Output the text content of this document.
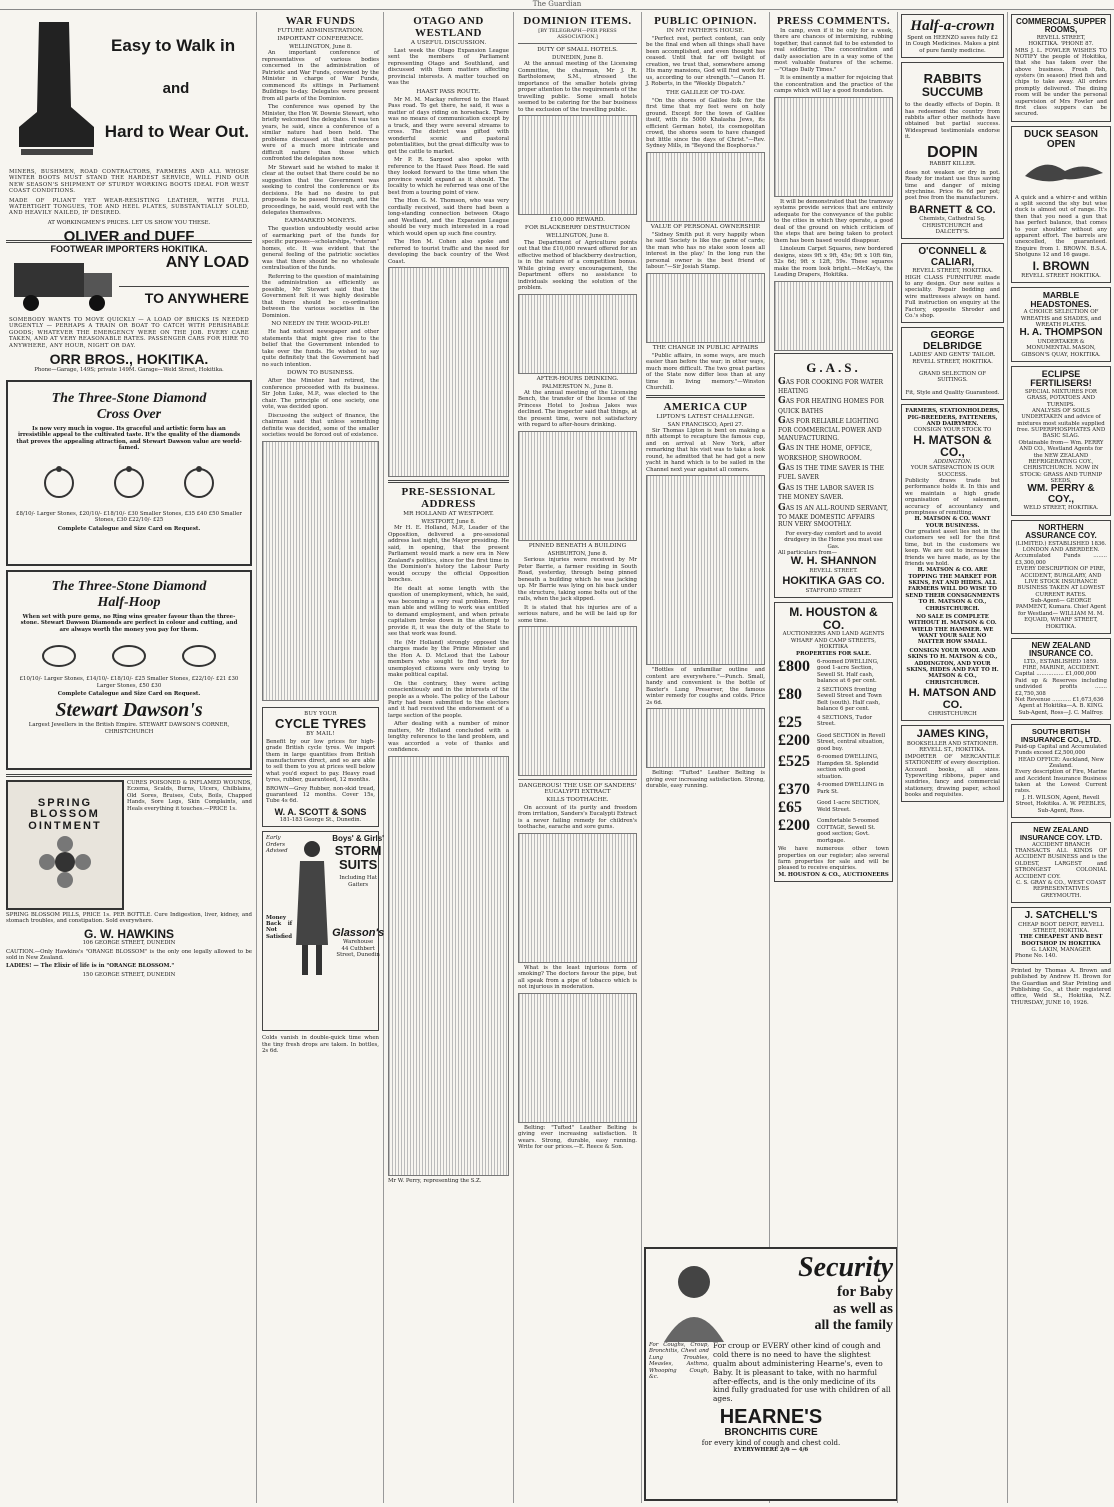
The Guardian
Easy to Walk in
and
Hard to Wear Out.
MINERS, BUSHMEN, ROAD CONTRACTORS, FARMERS AND ALL WHOSE WINTER BOOTS MUST STAND THE HARDEST SERVICE, WILL FIND OUR NEW SEASON'S SHIPMENT OF STURDY WORKING BOOTS IDEAL FOR WEST COAST CONDITIONS.
MADE OF PLIANT YET WEAR-RESISTING LEATHER, WITH FULL WATERTIGHT TONGUES, TOE AND HEEL PLATES, SUBSTANTIALLY SOLED, AND HEAVILY NAILED, IF DESIRED.
AT WORKINGMEN'S PRICES. LET US SHOW YOU THESE.
OLIVER and DUFF
FOOTWEAR IMPORTERS HOKITIKA.
ANY LOAD
TO ANYWHERE
SOMEBODY WANTS TO MOVE QUICKLY — A LOAD OF BRICKS IS NEEDED URGENTLY — PERHAPS A TRAIN OR BOAT TO CATCH WITH PERISHABLE GOODS; WHATEVER THE EMERGENCY WERE ON THE JOB. EVERY CARE TAKEN, AND AT VERY REASONABLE RATES. PASSENGER CARS FOR HIRE TO ANYWHERE, ANY HOUR, NIGHT OR DAY.
ORR BROS., HOKITIKA.
Phone—Garage, 149S; private 149M. Garage—Weld Street, Hokitika.
The Three-Stone Diamond
Cross Over
Is now very much in vogue. Its graceful and artistic form has an irresistible appeal to the cultivated taste. It's the quality of the diamonds that proves the appealing attraction, and Stewart Dawson value are world-famed.
£8/10/- Larger Stones, £20/10/- £18/10/- £30 Smaller Stones, £35 £40 £50 Smaller Stones, £30 £22/10/- £25
Complete Catalogue and Size Card on Request.
The Three-Stone Diamond
Half-Hoop
When set with pure gems, no Ring wins greater favour than the three-stone. Stewart Dawson Diamonds are perfect in colour and cutting, and are always worth the money you pay for them.
£10/10/- Larger Stones, £14/10/- £18/10/- £25 Smaller Stones, £22/10/- £21 £30 Larger Stones, £50 £30
Complete Catalogue and Size Card on Request.
Stewart Dawson's
Largest Jewellers in the British Empire. STEWART DAWSON'S CORNER, CHRISTCHURCH
SPRING BLOSSOM OINTMENT
CURES POISONED & INFLAMED WOUNDS, Eczema, Scalds, Burns, Ulcers, Chilblains, Old Sores, Bruises, Cuts, Boils, Chapped Hands, Sore Legs, Skin Complaints, and Heals everything it touches.—PRICE 1s.
SPRING BLOSSOM PILLS, PRICE 1s. PER BOTTLE. Cure Indigestion, liver, kidney, and stomach troubles, and constipation. Sold everywhere.
G. W. HAWKINS
106 GEORGE STREET, DUNEDIN
CAUTION.—Only Hawkins's "ORANGE BLOSSOM" is the only one legally allowed to be sold in New Zealand.
LADIES! — The Elixir of life is in "ORANGE BLOSSOM."
150 GEORGE STREET, DUNEDIN
WAR FUNDS
FUTURE ADMINISTRATION.
IMPORTANT CONFERENCE.
WELLINGTON, June 8.
An important conference of representatives of various bodies concerned in the administration of Patriotic and War Funds, convened by the Minister in charge of War Funds, commenced its sittings in Parliament Buildings to-day. Delegates were present from all parts of the Dominion.
The conference was opened by the Minister, the Hon W. Downie Stewart, who briefly welcomed the delegates. It was ten years, he said, since a conference of a similar nature had been held. The problems discussed at that conference were of a much more intricate and difficult nature than those which confronted the delegates now.
Mr Stewart said he wished to make it clear at the outset that there could be no suggestion that the Government was seeking to control the conference or its decisions. He had no desire to put proposals to be passed through, and the proceedings, he said, would rest with the delegates themselves.
EARMARKED MONEYS.
The question undoubtedly would arise of earmarking part of the funds for specific purposes—scholarships, "veteran" homes, etc. It was evident that the general feeling of the patriotic societies was that there should be no wholesale centralisation of the funds.
Referring to the question of maintaining the administration as efficiently as possible, Mr Stewart said that the Government felt it was highly desirable that there should be co-ordination between the various societies in the Dominion.
NO NEEDY IN THE WOOD-PILE!
He had noticed newspaper and other statements that might give rise to the belief that the Government intended to take over the funds. He wished to say quite definitely that the Government had no such intention.
DOWN TO BUSINESS.
After the Minister had retired, the conference proceeded with its business. Sir John Luke, M.P., was elected to the chair. The principle of one society, one vote, was decided upon.
Discussing the subject of finance, the chairman said that unless something definite was decided, some of the smaller societies would be forced out of existence.
BUY YOUR
CYCLE TYRES
BY MAIL!
Benefit by our low prices for high-grade British cycle tyres. We import them in large quantities from British manufacturers direct, and so are able to sell them to you at prices well below what you'd expect to pay. Heavy road tyres, rubber, guaranteed, 12 months.
BROWN—Grey Rubber, non-skid tread, guaranteed 12 months. Cover 15s, Tube 4s 6d.
W. A. SCOTT & SONS
181-183 George St., Dunedin.
Early Orders Advised
Money Back if Not Satisfied
Boys' & Girls'
STORM
SUITS
Including Hat Gaiters
Glasson's
Warehouse
44 Cuthbert Street, Dunedin
Colds vanish in double-quick time when the tiny fresh drops are taken. In bottles, 2s 6d.
OTAGO AND WESTLAND
A USEFUL DISCUSSION.
Last week the Otago Expansion League sent the members of Parliament representing Otago and Southland, and discussed with them matters affecting provincial interests. A matter touched on was the
HAAST PASS ROUTE.
Mr M. M. Mackay referred to the Haast Pass road. To get there, he said, it was a matter of days riding on horseback. There was no means of communication except by a track, and they were several streams to cross. The district was gifted with wonderful scenic and pastoral potentialities, but the great difficulty was to get the cattle to market.
Mr P. R. Sargood also spoke with reference to the Haast Pass Road. He said they looked forward to the time when the province would expand as it should. The locality to which he referred was one of the best from a touring point of view.
The Hon G. M. Thomson, who was very cordially received, said there had been a long-standing connection between Otago and Westland, and the Expansion League should be very much interested in a road which would open up such fine country.
The Hon M. Cohen also spoke and referred to tourist traffic and the need for developing the back country of the West Coast.
PRE-SESSIONAL ADDRESS
MR HOLLAND AT WESTPORT.
WESTPORT, June 8.
Mr H. E. Holland, M.P., Leader of the Opposition, delivered a pre-sessional address last night, the Mayor presiding. He said, in opening, that the present Parliament would mark a new era in New Zealand's politics, since for the first time in the Dominion's history the Labour Party would occupy the official Opposition benches.
He dealt at some length with the question of unemployment, which, he said, was becoming a very real problem. Every man able and willing to work was entitled to demand employment, and when private capitalism broke down in the attempt to provide it, it was the duty of the State to see that work was found.
He (Mr Holland) strongly opposed the charges made by the Prime Minister and the Hon A. D. McLeod that the Labour members who sought to find work for unemployed citizens were only trying to make political capital.
On the contrary, they were acting conscientiously and in the interests of the people as a whole. The policy of the Labour Party had been submitted to the electors and it had received the endorsement of a large section of the people.
After dealing with a number of minor matters, Mr Holland concluded with a lengthy reference to the land problem, and was accorded a vote of thanks and confidence.
Mr W. Perry, representing the S.Z.
DOMINION ITEMS.
[BY TELEGRAPH—PER PRESS ASSOCIATION.]
DUTY OF SMALL HOTELS.
DUNEDIN, June 8.
At the annual meeting of the Licensing Committee, the chairman, Mr J. R. Bartholomew, S.M., stressed the importance of the smaller hotels giving proper attention to the requirements of the travelling public. Some small hotels seemed to be catering for the bar business to the exclusion of the travelling public.
£10,000 REWARD.
FOR BLACKBERRY DESTRUCTION
WELLINGTON, June 8.
The Department of Agriculture points out that the £10,000 reward offered for an effective method of blackberry destruction, is in the nature of a competition bonus. While giving every encouragement, the Department offers no assistance to individuals seeking the solution of the problem.
AFTER-HOURS DRINKING.
PALMERSTON N., June 8.
At the annual meeting of the Licensing Bench, the transfer of the license of the Princess Hotel to Joshua Jakes was declined. The inspector said that things, at the present time, were not satisfactory with regard to after-hours drinking.
PINNED BENEATH A BUILDING
ASHBURTON, June 8.
Serious injuries were received by Mr Peter Barrie, a farmer residing in South Road, yesterday, through being pinned beneath a building which he was jacking up. Mr Barrie was lying on his back under the structure, taking some bolts out of the rails, when the jack slipped.
It is stated that his injuries are of a serious nature, and he will be laid up for some time.
DANGEROUS! THE USE OF SANDERS' EUCALYPTI EXTRACT
KILLS TOOTHACHE.
On account of its purity and freedom from irritation, Sanders's Eucalypti Extract is a never failing remedy for children's toothache, earache and sore gums.
What is the least injurious form of smoking? The doctors favour the pipe, but all speak from a pipe of tobacco which is not injurious in moderation.
Belting: "Tufted" Leather Belting is giving ever increasing satisfaction. It wears. Strong, durable, easy running. Write for our prices.—E. Reece & Son.
PUBLIC OPINION.
IN MY FATHER'S HOUSE.
"Perfect rest, perfect content, can only be the final end when all things shall have been accomplished, and even thought has ceased. Until that far off twilight of creation, we trust that, somewhere among His many mansions, God will find work for us, according to our strength."—Canon H. J. Roberts, in the "Weekly Dispatch."
THE GALILEE OF TO-DAY.
"On the shores of Galilee folk for the first time that my feet were on holy ground. Except for the town of Galilee itself, with its 5000 Khalasha Jews, its efficient German hotel, its cosmopolitan crowd, the shores seem to have changed but little since the days of Christ."—Rev. Sydney Mills, in "Beyond the Bosphorus."
VALUE OF PERSONAL OWNERSHIP.
"Sidney Smith put it very happily when he said 'Society is like the game of cards; the man who has no stake soon loses all interest in the play.' In the long run the personal owner is the best friend of labour."—Sir Josiah Stamp.
THE CHANGE IN PUBLIC AFFAIRS
"Public affairs, in some ways, are much easier than before the war; in other ways, much more difficult. The two great parties of the State now differ less than at any time in living memory."—Winston Churchill.
AMERICA CUP
LIPTON'S LATEST CHALLENGE.
SAN FRANCISCO, April 27.
Sir Thomas Lipton is bent on making a fifth attempt to recapture the famous cup, and on arrival at New York, after remarking that his visit was to take a look round, he admitted that he had got a new yacht in hand which is to be sailed in the Channel next year against all comers.
"Bottles of unfamiliar outline and content are everywhere."—Punch. Small, handy and convenient is the bottle of Baxter's Lung Preserver, the famous winter remedy for coughs and colds. Price 2s 6d.
Belting: "Tufted" Leather Belting is giving ever increasing satisfaction. Strong, durable, easy running.
Security
for Baby
as well as
all the family
For Coughs, Croup, Bronchitis, Chest and Lung Troubles, Measles, Asthma, Whooping Cough, &c.
For croup or EVERY other kind of cough and cold there is no need to have the slightest qualm about administering Hearne's, even to Baby. It is pleasant to take, with no harmful after-effects, and is the only medicine of its kind fully graduated for use with children of all ages.
HEARNE'S
BRONCHITIS CURE
for every kind of cough and chest cold.
EVERYWHERE 2/6 — 4/6
PRESS COMMENTS.
In camp, even if it be only for a week, there are chances of intermixing, rubbing together, that cannot fail to be extended to real soldiering. The concentration and daily association are in a way some of the most valuable features of the scheme.—"Otago Daily Times."
It is eminently a matter for rejoicing that the concentration and the practice of the camps which will lay a good foundation.
It will be demonstrated that the tramway systems provide services that are entirely adequate for the conveyance of the public to the cities in which they operate, a good deal of the ground on which criticism of the steps that are being taken to protect them has been based would disappear.
Linoleum Carpet Squares, new bordered designs, sizes 9ft x 9ft, 45s; 9ft x 10ft 6in, 52s 6d; 9ft x 12ft, 59s. These squares make the room look bright.—McKay's, the Leading Drapers, Hokitika.
G.A.S.
GAS FOR COOKING FOR WATER HEATING
GAS FOR HEATING HOMES FOR QUICK BATHS
GAS FOR RELIABLE LIGHTING FOR COMMERCIAL POWER AND MANUFACTURING.
GAS IN THE HOME, OFFICE, WORKSHOP, SHOWROOM.
GAS IS THE TIME SAVER IS THE FUEL SAVER
GAS IS THE LABOR SAVER IS THE MONEY SAVER.
GAS IS AN ALL-ROUND SERVANT, TO MAKE DOMESTIC AFFAIRS RUN VERY SMOOTHLY.
For every-day comfort and to avoid drudgery in the Home you must use Gas.
All particulars from—
W. H. SHANNON
REVELL STREET.
HOKITIKA GAS CO.
STAFFORD STREET
M. HOUSTON & CO.
AUCTIONEERS AND LAND AGENTS
WHARF AND CAMP STREETS, HOKITIKA
PROPERTIES FOR SALE.
£800	6-roomed DWELLING, good 1-acre Section, Sewell St. Half cash, balance at 6 per cent.
£80	2 SECTIONS fronting Sewell Street and Town Belt (south). Half cash, balance 6 per cent.
£25	4 SECTIONS, Tudor Street.
£200	Good SECTION in Revell Street, central situation, good buy.
£525	6-roomed DWELLING, Hampden St. Splendid section with good situation.
£370	4-roomed DWELLING in Park St.
£65	Good 1-acre SECTION, Weld Street.
£200	Comfortable 5-roomed COTTAGE, Sewell St. good section; Govt. mortgage.
We have numerous other town properties on our register; also several farm properties for sale and will be pleased to receive enquiries.
M. HOUSTON & CO., AUCTIONEERS
Half-a-crown
Spent on HEENZO saves fully £2 in Cough Medicines. Makes a pint of pure family medicine.
RABBITS
SUCCUMB
to the deadly effects of Dopin. It has redeemed the country from rabbits after other methods have obtained but partial success. Widespread testimonials endorse it.
DOPIN
RABBIT KILLER.
does not weaken or dry in pot. Ready for instant use thus saving time and danger of mixing strychnine. Price 6s 6d per pot; post free from the manufacturers.
BARNETT & CO.
Chemists, Cathedral Sq. CHRISTCHURCH and DALCETY'S.
O'CONNELL & CALIARI,
REVELL STREET, HOKITIKA.
HIGH CLASS FURNITURE made to any design. Our new suites a speciality. Repair bedding and wire mattresses always on hand. Full instruction on enquiry at the Factory, opposite Shroder and Co.'s shop.
GEORGE DELBRIDGE
LADIES' AND GENTS' TAILOR.
REVELL STREET, HOKITIKA.
GRAND SELECTION OF SUITINGS.
Fit, Style and Quality Guaranteed.
FARMERS, STATIONHOLDERS, PIG-BREEDERS, FATTENERS, AND DAIRYMEN.
CONSIGN YOUR STOCK TO
H. MATSON & CO.,
ADDINGTON.
YOUR SATISFACTION IS OUR SUCCESS.
Publicity draws trade but performance holds it. In this and we maintain a high grade organisation of salesmen, accuracy of accountancy and promptness of remitting.
H. MATSON & CO. WANT YOUR BUSINESS.
Our greatest asset lies not in the customers we sell for the first time, but in the customers we keep. We are out to increase the friends we have made, as by the friends we hold.
H. MATSON & CO. ARE TOPPING THE MARKET FOR SKINS, FAT AND HIDES. ALL FARMERS WILL DO WISE TO SEND THEIR CONSIGNMENTS TO H. MATSON & CO., CHRISTCHURCH.
NO SALE IS COMPLETE WITHOUT H. MATSON & CO. WIELD THE HAMMER. WE WANT YOUR SALE NO MATTER HOW SMALL.
CONSIGN YOUR WOOL AND SKINS TO H. MATSON & CO., ADDINGTON, AND YOUR SKINS, HIDES AND FAT TO H. MATSON & CO., CHRISTCHURCH.
H. MATSON AND CO.
CHRISTCHURCH
JAMES KING,
BOOKSELLER AND STATIONER.
REVELL ST., HOKITIKA.
IMPORTER OF MERCANTILE STATIONERY of every description. Account books, all sizes. Typewriting ribbons, paper and sundries, fancy and commercial stationery, drawing paper, school books and requisites.
COMMERCIAL SUPPER ROOMS,
REVELL STREET,
HOKITIKA. 'PHONE 87.
MRS J. L. FOWLER WISHES TO NOTIFY the people of Hokitika, that she has taken over the above business. Fresh fish, oysters (in season) fried fish and chips to take away. All orders promptly delivered. The dining room will be under the personal supervision of Mrs Fowler and first class suppers can be secured.
DUCK SEASON
OPEN
A quick and a whirr-r and within a split second the shy but wise duck is almost out of range. It's then that you need a gun that has perfect balance, that comes to your shoulder without any apparent effort. The barrels are unexcelled, the guaranteed. Enquire from I. BROWN. B.S.A. Shotguns 12 and 16 gauge.
I. BROWN
REVELL STREET HOKITIKA.
MARBLE HEADSTONES.
A CHOICE SELECTION OF WREATHS and SHADES, and WREATH PLATES.
H. A. THOMPSON
UNDERTAKER & MONUMENTAL MASON,
GIBSON'S QUAY, HOKITIKA.
ECLIPSE FERTILISERS!
SPECIAL MIXTURES FOR GRASS, POTATOES AND TURNIPS.
ANALYSIS OF SOILS UNDERTAKEN and advice of mixtures most suitable supplied free. SUPERPHOSPHATES AND BASIC SLAG.
Obtainable from— Wm. PERRY AND CO., Westland Agents for the NEW ZEALAND REFRIGERATING COY., CHRISTCHURCH. NOW IN STOCK: GRASS AND TURNIP SEEDS,
WM. PERRY & COY.,
WELD STREET, HOKITIKA.
NORTHERN ASSURANCE COY.
(LIMITED.) ESTABLISHED 1836.
LONDON AND ABERDEEN.
Accumulated Funds ........ £3,300,000
EVERY DESCRIPTION OF FIRE, ACCIDENT, BURGLARY, AND LIVE STOCK INSURANCE BUSINESS TAKEN AT LOWEST CURRENT RATES.
Sub-Agent— GEORGE PAMMENT, Kumara. Chief Agent for Westland— WILLIAM M. M. EQUAID, WHARF STREET, HOKITIKA.
NEW ZEALAND INSURANCE CO.
LTD., ESTABLISHED 1859.
FIRE, MARINE, ACCIDENT.
Capital ................ £1,000,000
Paid up & Reserves including undivided profits ....... £2,750,308
Net Revenue ........... £1,673,636
Agent at Hokitika—A. B. KING. Sub-Agent, Ross—J. C. Malfroy.
SOUTH BRITISH INSURANCE CO., LTD.
Paid-up Capital and Accumulated Funds exceed £2,500,000
HEAD OFFICE: Auckland, New Zealand.
Every description of Fire, Marine and Accident Insurance Business taken at the Lowest Current rates.
J. H. WILSON, Agent, Revell Street, Hokitika. A. W. PEEBLES, Sub-Agent, Ross.
NEW ZEALAND INSURANCE COY. LTD.
ACCIDENT BRANCH
TRANSACTS ALL KINDS OF ACCIDENT BUSINESS and is the OLDEST, LARGEST and STRONGEST COLONIAL ACCIDENT COY.
C. S. GRAY & CO., WEST COAST REPRESENTATIVES GREYMOUTH.
J. SATCHELL'S
CHEAP BOOT DEPOT, REVELL STREET, HOKITIKA.
THE CHEAPEST AND BEST BOOTSHOP IN HOKITIKA
G. LAKIN, MANAGER
Phone No. 140.
Printed by Thomas A. Brown and published by Andrew H. Brown for the Guardian and Star Printing and Publishing Co., at their registered office, Weld St., Hokitika, N.Z. THURSDAY, JUNE 10, 1926.
